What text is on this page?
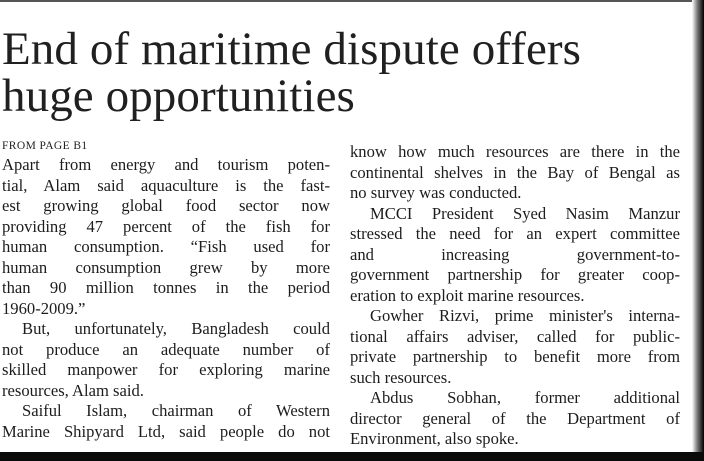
End of maritime dispute offers
huge opportunities
FROM PAGE B1

Apart from energy and tourism poten-
tial, Alam said aquaculture is the fast-
est growing global food sector now
providing 47 percent of the fish for
human consumption. “Fish used for
human consumption grew by more
than 90 million tonnes in the period
1960-2009.”

But, unfortunately, Bangladesh could
not produce an adequate number of
skilled manpower for exploring marine
resources, Alam said.

Saiful Islam, chairman of Western
Marine Shipyard Ltd, said people do not

know how much resources are there in the
continental shelves in the Bay of Bengal as
no survey was conducted.

MCCI President Syed Nasim Manzur
stressed the need for an expert committee
and increasing government-to-
government partnership for greater coop-
eration to exploit marine resources.

Gowher Rizvi, prime minister's interna-
tional affairs adviser, called for public-
private partnership to benefit more from
such resources.

Abdus Sobhan, former additional
director general of the Department of
Environment, also spoke.
